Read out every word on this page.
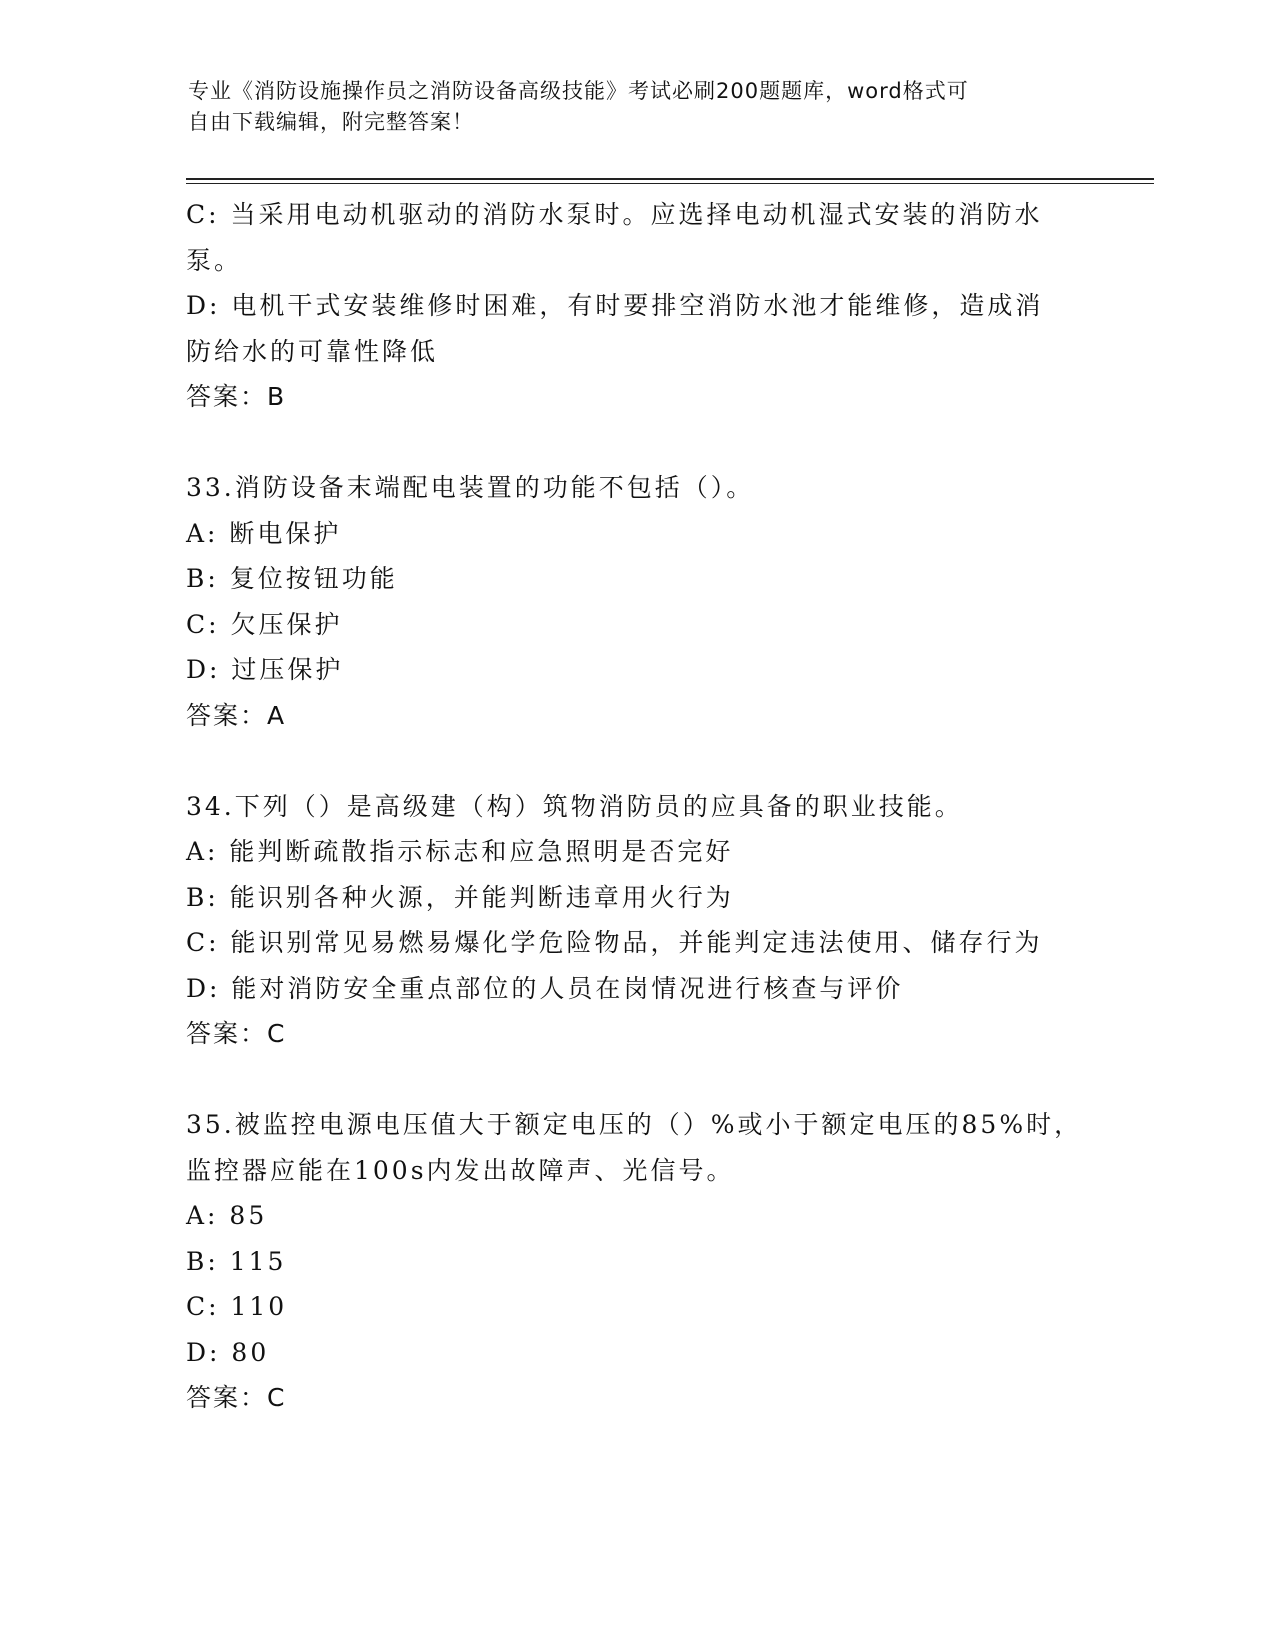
专业《消防设施操作员之消防设备高级技能》考试必刷200题题库，word格式可
自由下载编辑，附完整答案！

C: 当采用电动机驱动的消防水泵时。应选择电动机湿式安装的消防水

泵。

D: 电机干式安装维修时困难，有时要排空消防水池才能维修，造成消

防给水的可靠性降低

答案：B

33.消防设备末端配电装置的功能不包括（）。

A: 断电保护

B: 复位按钮功能

C: 欠压保护

D: 过压保护

答案：A

34.下列（）是高级建（构）筑物消防员的应具备的职业技能。

A: 能判断疏散指示标志和应急照明是否完好

B: 能识别各种火源，并能判断违章用火行为

C: 能识别常见易燃易爆化学危险物品，并能判定违法使用、储存行为

D: 能对消防安全重点部位的人员在岗情况进行核查与评价

答案：C

35.被监控电源电压值大于额定电压的（）%或小于额定电压的85%时，

监控器应能在100s内发出故障声、光信号。

A: 85

B: 115

C: 110

D: 80

答案：C
